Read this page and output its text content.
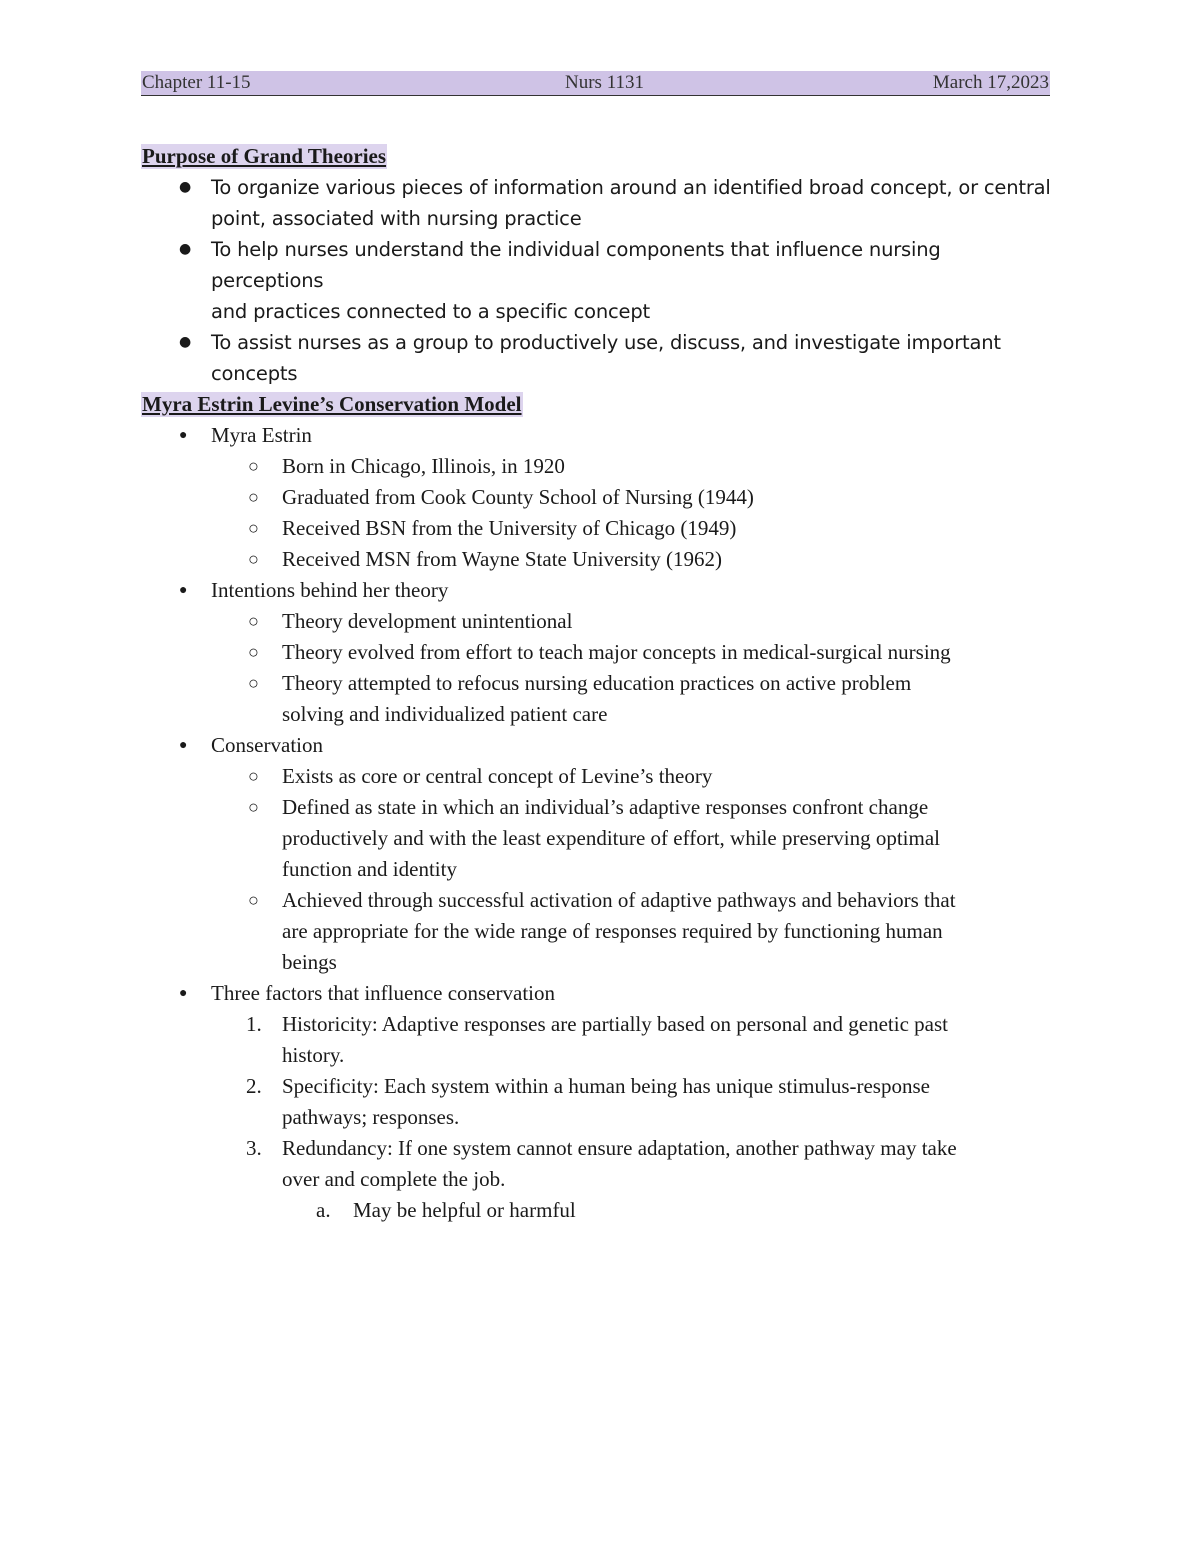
Chapter 11-15	Nurs 1131	March 17,2023
Purpose of Grand Theories
● To organize various pieces of information around an identified broad concept, or central
point, associated with nursing practice
● To help nurses understand the individual components that influence nursing perceptions
and practices connected to a specific concept
● To assist nurses as a group to productively use, discuss, and investigate important
concepts
Myra Estrin Levine’s Conservation Model
● Myra Estrin
○ Born in Chicago, Illinois, in 1920
○ Graduated from Cook County School of Nursing (1944)
○ Received BSN from the University of Chicago (1949)
○ Received MSN from Wayne State University (1962)
● Intentions behind her theory
○ Theory development unintentional
○ Theory evolved from effort to teach major concepts in medical-surgical nursing
○ Theory attempted to refocus nursing education practices on active problem
solving and individualized patient care
● Conservation
○ Exists as core or central concept of Levine’s theory
○ Defined as state in which an individual’s adaptive responses confront change
productively and with the least expenditure of effort, while preserving optimal
function and identity
○ Achieved through successful activation of adaptive pathways and behaviors that
are appropriate for the wide range of responses required by functioning human
beings
● Three factors that influence conservation
1. Historicity: Adaptive responses are partially based on personal and genetic past
history.
2. Specificity: Each system within a human being has unique stimulus-response
pathways; responses.
3. Redundancy: If one system cannot ensure adaptation, another pathway may take
over and complete the job.
a. May be helpful or harmful
